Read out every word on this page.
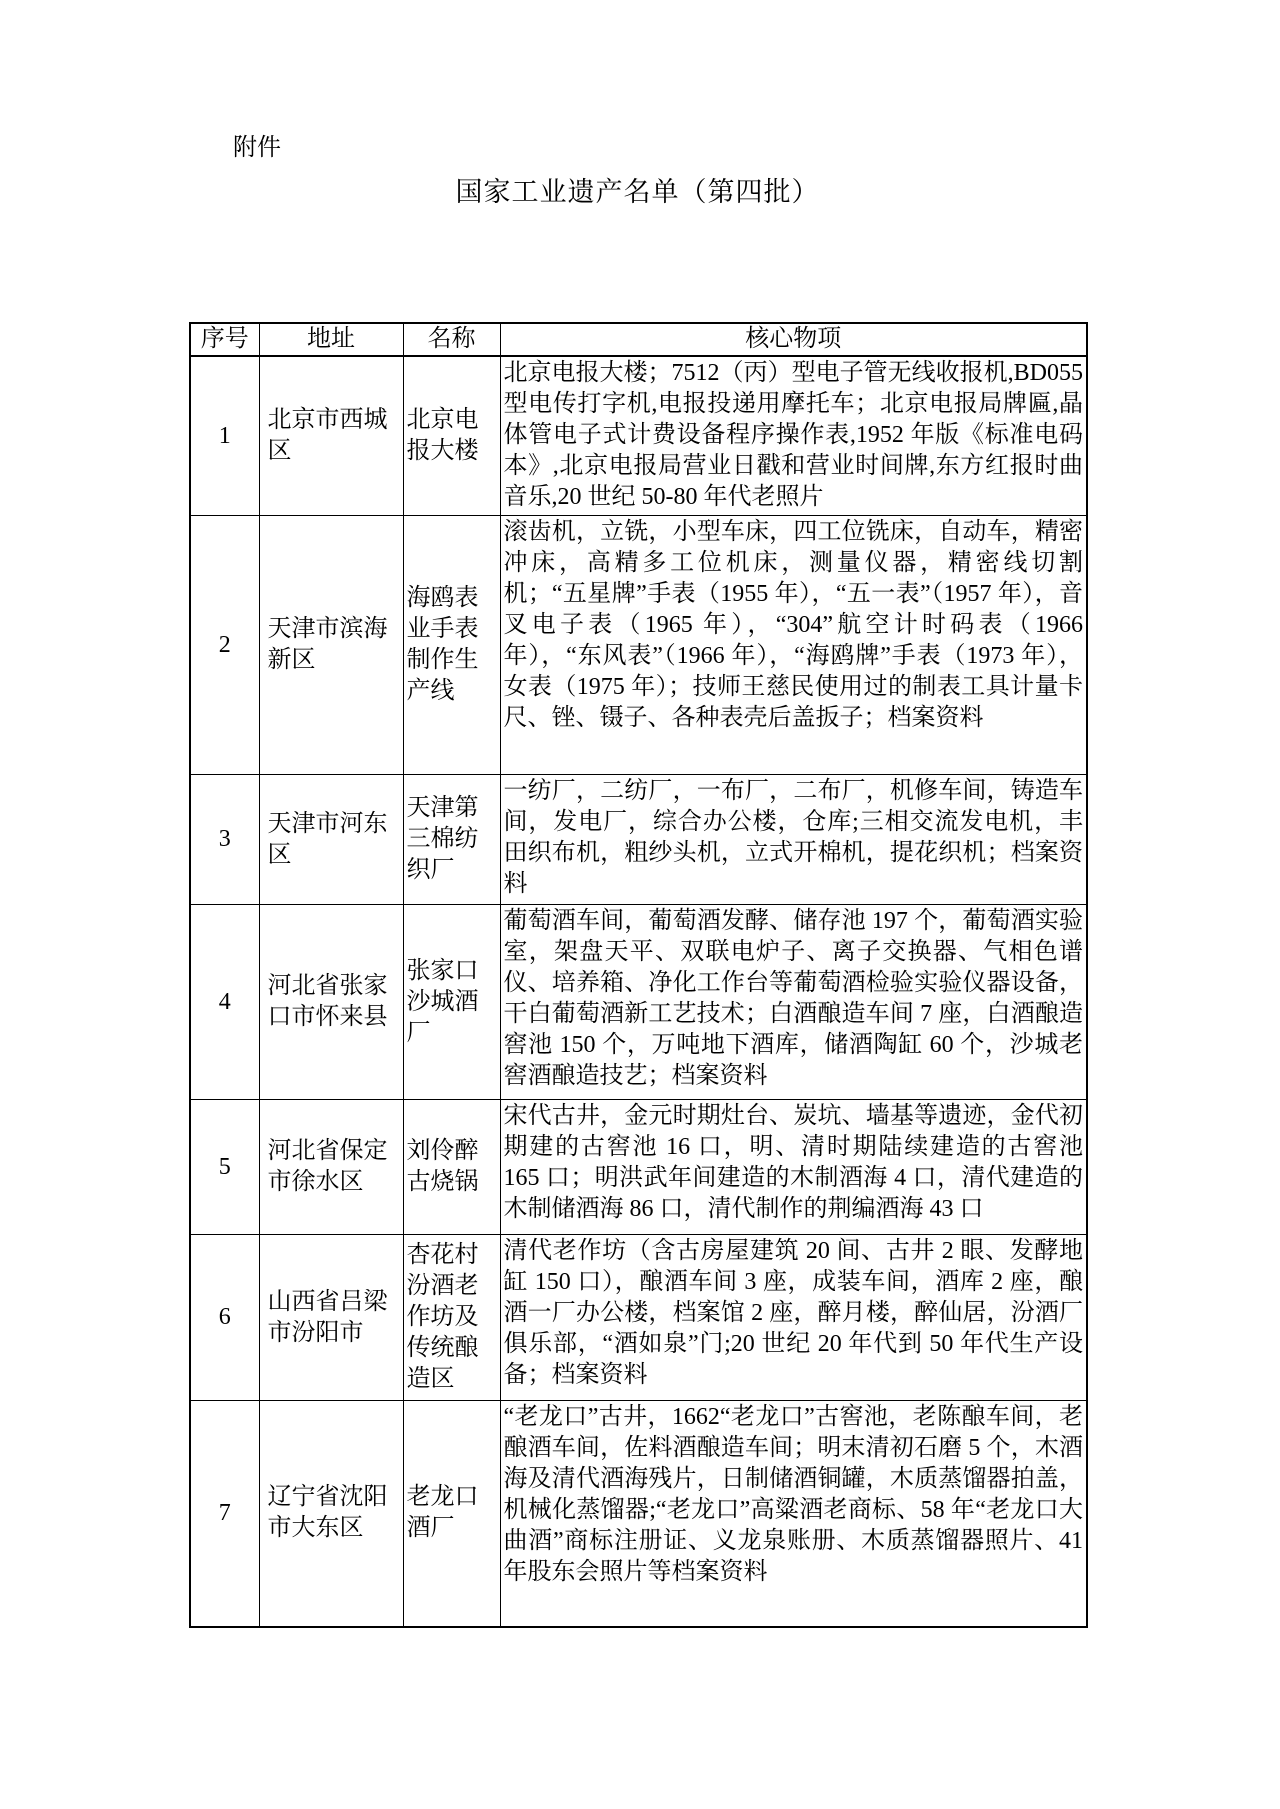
附件
国家工业遗产名单（第四批）
序号	地址	名称	核心物项
1	北京市西城区	北京电报大楼	北京电报大楼；7512（丙）型电子管无线收报机,BD055 型电传打字机,电报投递用摩托车；北京电报局牌匾,晶体管电子式计费设备程序操作表,1952 年版《标准电码本》,北京电报局营业日戳和营业时间牌,东方红报时曲音乐,20 世纪 50-80 年代老照片
2	天津市滨海新区	海鸥表业手表制作生产线	滚齿机，立铣，小型车床，四工位铣床，自动车，精密冲床，高精多工位机床，测量仪器，精密线切割机；“五星牌”手表（1955 年），“五一表”（1957 年），音叉电子表（1965 年），“304”航空计时码表（1966 年），“东风表”（1966 年），“海鸥牌”手表（1973 年），女表（1975 年）；技师王慈民使用过的制表工具计量卡尺、锉、镊子、各种表壳后盖扳子；档案资料
3	天津市河东区	天津第三棉纺织厂	一纺厂，二纺厂，一布厂，二布厂，机修车间，铸造车间，发电厂，综合办公楼，仓库;三相交流发电机，丰田织布机，粗纱头机，立式开棉机，提花织机；档案资料
4	河北省张家口市怀来县	张家口沙城酒厂	葡萄酒车间，葡萄酒发酵、储存池 197 个，葡萄酒实验室，架盘天平、双联电炉子、离子交换器、气相色谱仪、培养箱、净化工作台等葡萄酒检验实验仪器设备，干白葡萄酒新工艺技术；白酒酿造车间 7 座，白酒酿造窖池 150 个，万吨地下酒库，储酒陶缸 60 个，沙城老窖酒酿造技艺；档案资料
5	河北省保定市徐水区	刘伶醉古烧锅	宋代古井，金元时期灶台、炭坑、墙基等遗迹，金代初期建的古窖池 16 口，明、清时期陆续建造的古窖池 165 口；明洪武年间建造的木制酒海 4 口，清代建造的木制储酒海 86 口，清代制作的荆编酒海 43 口
6	山西省吕梁市汾阳市	杏花村汾酒老作坊及传统酿造区	清代老作坊（含古房屋建筑 20 间、古井 2 眼、发酵地缸 150 口），酿酒车间 3 座，成装车间，酒库 2 座，酿酒一厂办公楼，档案馆 2 座，醉月楼，醉仙居，汾酒厂俱乐部，“酒如泉”门;20 世纪 20 年代到 50 年代生产设备；档案资料
7	辽宁省沈阳市大东区	老龙口酒厂	“老龙口”古井，1662“老龙口”古窖池，老陈酿车间，老酿酒车间，佐料酒酿造车间；明末清初石磨 5 个，木酒海及清代酒海残片，日制储酒铜罐，木质蒸馏器拍盖，机械化蒸馏器;“老龙口”高粱酒老商标、58 年“老龙口大曲酒”商标注册证、义龙泉账册、木质蒸馏器照片、41 年股东会照片等档案资料
